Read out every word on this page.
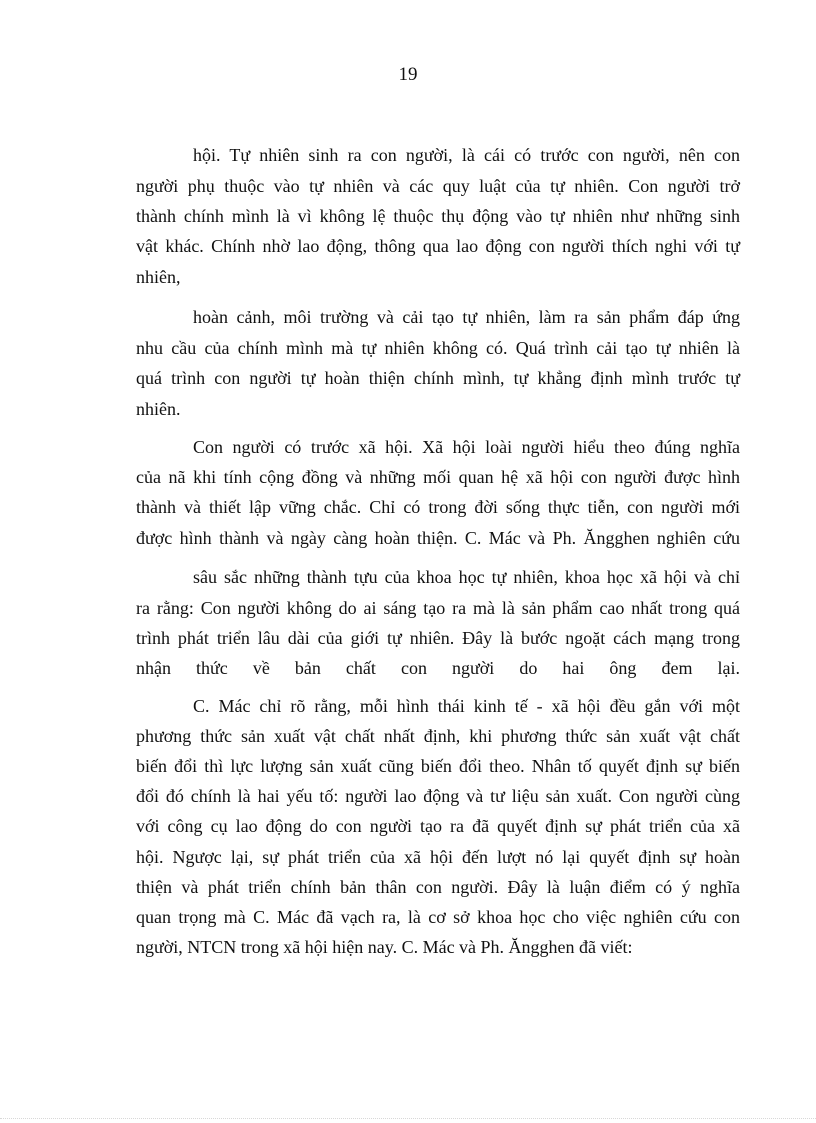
19
hội. Tự nhiên sinh ra con người, là cái có trước con người, nên con
người phụ thuộc vào tự nhiên và các quy luật của tự nhiên. Con người trở
thành chính mình là vì không lệ thuộc thụ động vào tự nhiên như những sinh
vật khác. Chính nhờ lao động, thông qua lao động con người thích nghi với tự
nhiên,
hoàn cảnh, môi trường và cải tạo tự nhiên, làm ra sản phẩm đáp ứng
nhu cầu của chính mình mà tự nhiên không có. Quá trình cải tạo tự nhiên là
quá trình con người tự hoàn thiện chính mình, tự khẳng định mình trước tự
nhiên.
Con người có trước xã hội. Xã hội loài người hiểu theo đúng nghĩa
của nã khi tính cộng đồng và những mối quan hệ xã hội con người được hình
thành và thiết lập vững chắc. Chỉ có trong đời sống thực tiễn, con người mới
được hình thành và ngày càng hoàn thiện. C. Mác và Ph. Ăngghen nghiên cứu
sâu sắc những thành tựu của khoa học tự nhiên, khoa học xã hội và chỉ
ra rằng: Con người không do ai sáng tạo ra mà là sản phẩm cao nhất trong quá
trình phát triển lâu dài của giới tự nhiên. Đây là bước ngoặt cách mạng trong
nhận thức về bản chất con người do hai ông đem lại.
C. Mác chỉ rõ rằng, mỗi hình thái kinh tế - xã hội đều gắn với một
phương thức sản xuất vật chất nhất định, khi phương thức sản xuất vật chất
biến đổi thì lực lượng sản xuất cũng biến đổi theo. Nhân tố quyết định sự biến
đổi đó chính là hai yếu tố: người lao động và tư liệu sản xuất. Con người cùng
với công cụ lao động do con người tạo ra đã quyết định sự phát triển của xã
hội. Ngược lại, sự phát triển của xã hội đến lượt nó lại quyết định sự hoàn
thiện và phát triển chính bản thân con người. Đây là luận điểm có ý nghĩa
quan trọng mà C. Mác đã vạch ra, là cơ sở khoa học cho việc nghiên cứu con
người, NTCN trong xã hội hiện nay. C. Mác và Ph. Ăngghen đã viết:
